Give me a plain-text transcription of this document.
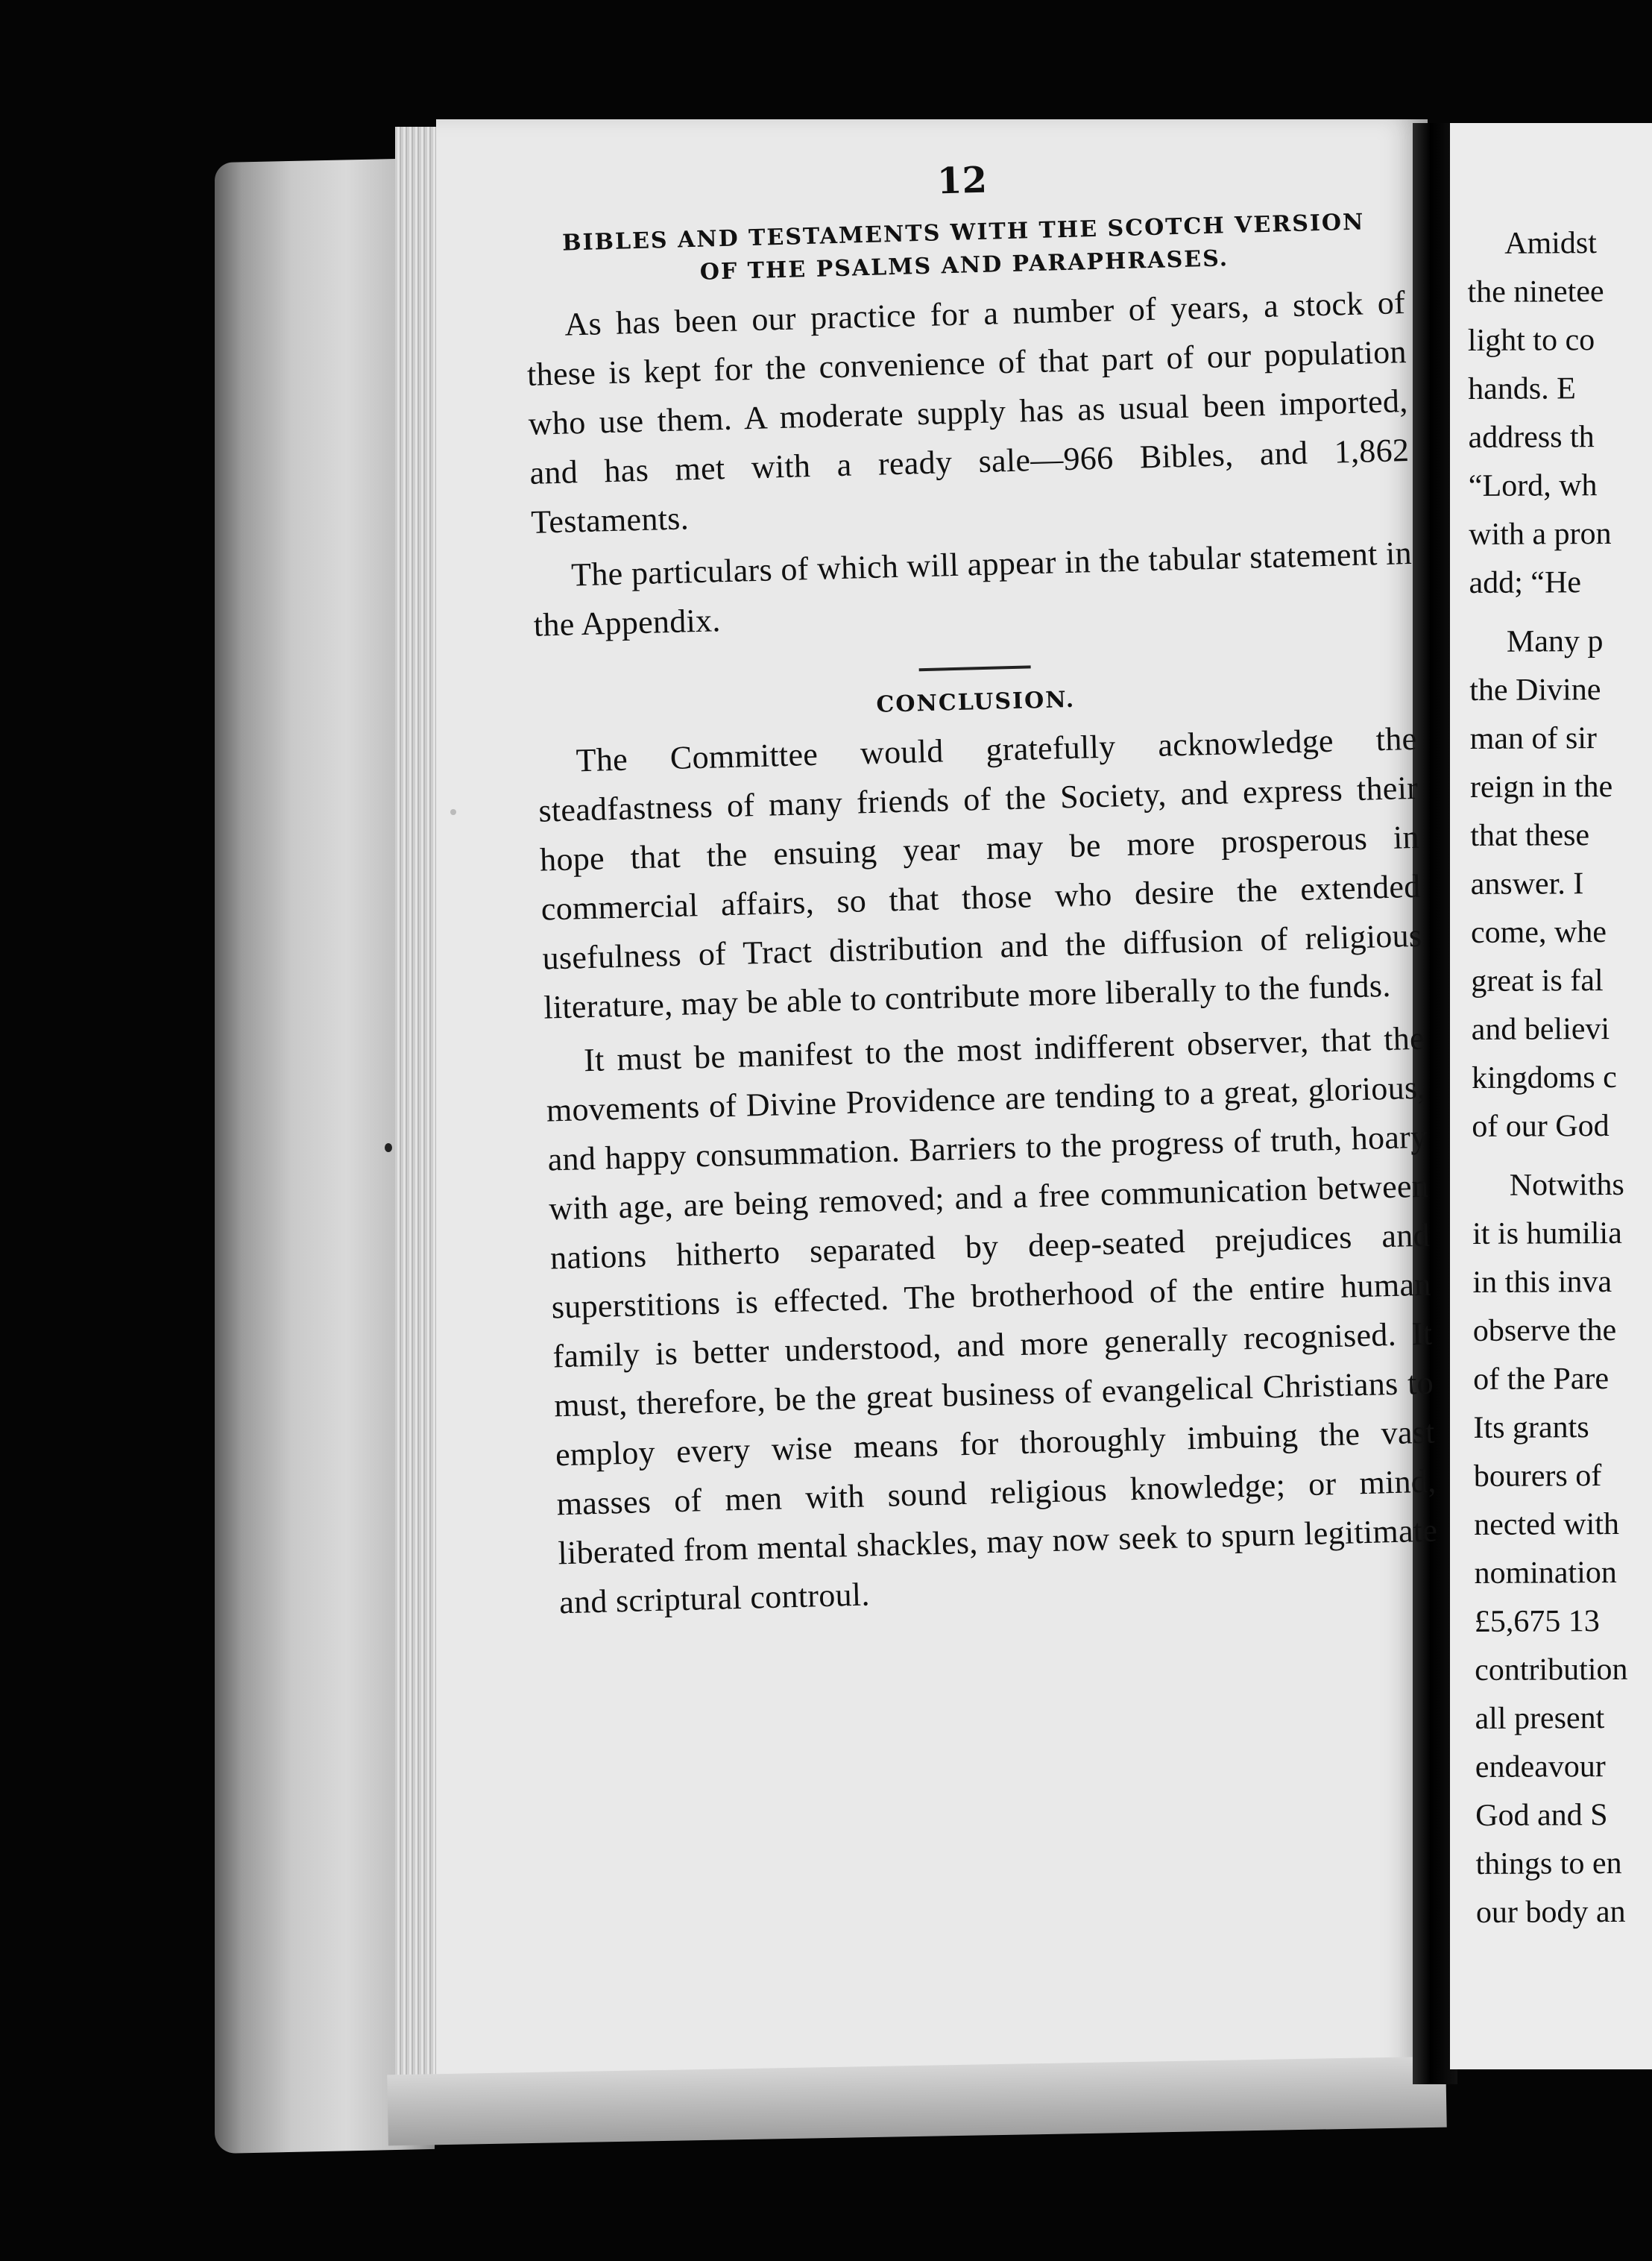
12

BIBLES AND TESTAMENTS WITH THE SCOTCH VERSION

OF THE PSALMS AND PARAPHRASES.

As has been our practice for a number of years, a stock of these is kept for the convenience of that part of our population who use them. A moderate supply has as usual been imported, and has met with a ready sale—966 Bibles, and 1,862 Testaments.

The particulars of which will appear in the tabular statement in the Appendix.

CONCLUSION.

The Committee would gratefully acknowledge the steadfastness of many friends of the Society, and express their hope that the ensuing year may be more prosperous in commercial affairs, so that those who desire the extended usefulness of Tract distribution and the diffusion of religious literature, may be able to contribute more liberally to the funds.

It must be manifest to the most indifferent observer, that the movements of Divine Providence are tending to a great, glorious, and happy consummation. Barriers to the progress of truth, hoary with age, are being removed; and a free communication between nations hitherto separated by deep-seated prejudices and superstitions is effected. The brotherhood of the entire human family is better understood, and more generally recognised. It must, therefore, be the great business of evangelical Christians to employ every wise means for thoroughly imbuing the vast masses of men with sound religious knowledge; or mind, liberated from mental shackles, may now seek to spurn legitimate and scriptural controul.

Amidst
the ninetee
light to co
hands. E
address th
“Lord, wh
with a pron
add; “He
Many p
the Divine
man of sir
reign in the
that these
answer. I
come, whe
great is fal
and believi
kingdoms c
of our God
Notwiths
it is humilia
in this inva
observe the
of the Pare
Its grants
bourers of
nected with
nomination
£5,675 13
contribution
all present
endeavour
God and S
things to en
our body an
